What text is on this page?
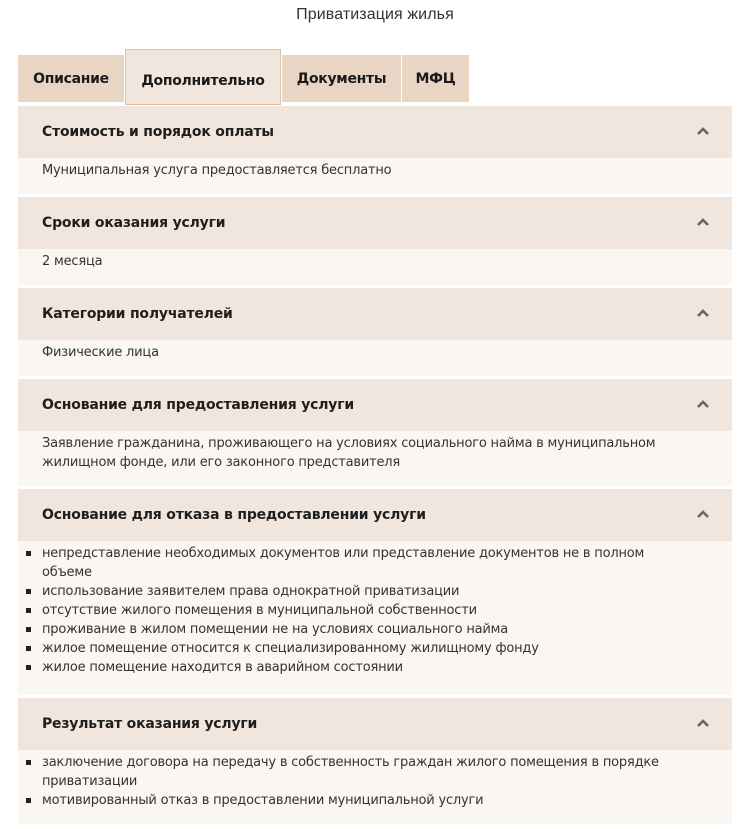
Приватизация жилья
Описание	Дополнительно	Документы	МФЦ
Стоимость и порядок оплаты

Муниципальная услуга предоставляется бесплатно

Сроки оказания услуги

2 месяца

Категории получателей

Физические лица

Основание для предоставления услуги

Заявление гражданина, проживающего на условиях социального найма в муниципальном жилищном фонде, или его законного представителя

Основание для отказа в предоставлении услуги
непредставление необходимых документов или представление документов не в полном объеме
использование заявителем права однократной приватизации
отсутствие жилого помещения в муниципальной собственности
проживание в жилом помещении не на условиях социального найма
жилое помещение относится к специализированному жилищному фонду
жилое помещение находится в аварийном состоянии
Результат оказания услуги
заключение договора на передачу в собственность граждан жилого помещения в порядке приватизации
мотивированный отказ в предоставлении муниципальной услуги
